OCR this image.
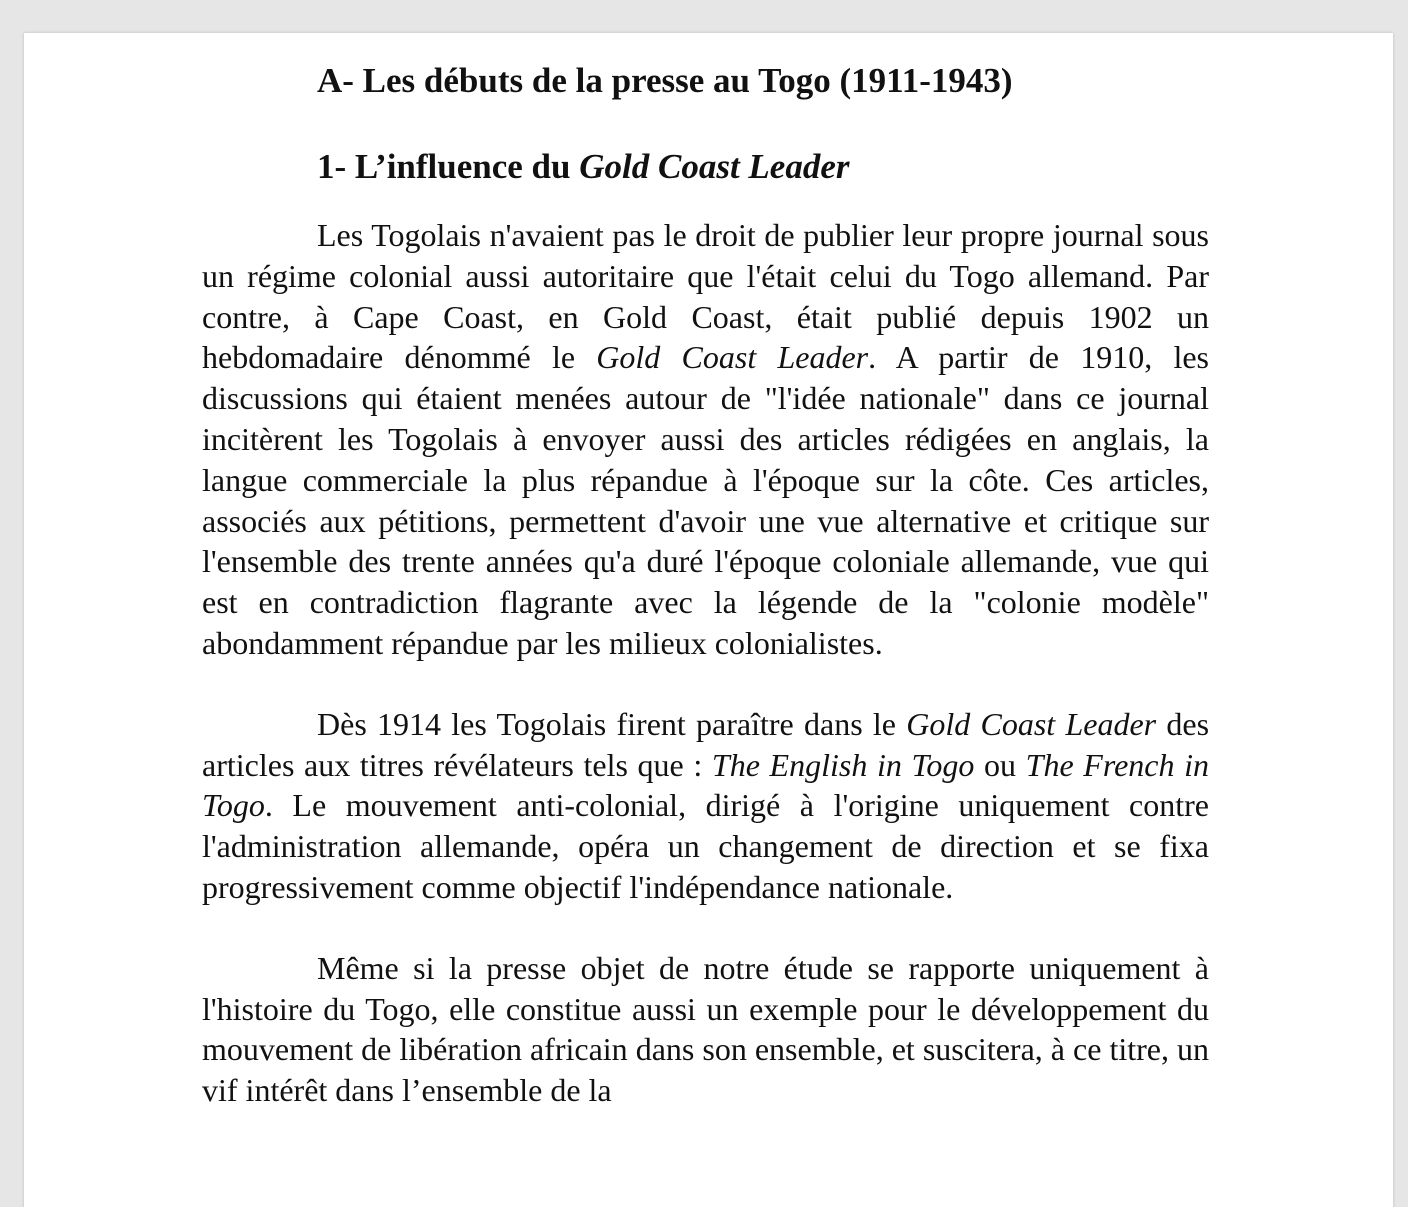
A- Les débuts de la presse au Togo (1911-1943)
1- L’influence du Gold Coast Leader

Les Togolais n'avaient pas le droit de publier leur propre journal sous un régime colonial aussi autoritaire que l'était celui du Togo allemand. Par contre, à Cape Coast, en Gold Coast, était publié depuis 1902 un hebdomadaire dénommé le Gold Coast Leader. A partir de 1910, les discussions qui étaient menées autour de "l'idée nationale" dans ce journal incitèrent les Togolais à envoyer aussi des articles rédigées en anglais, la langue commerciale la plus répandue à l'époque sur la côte. Ces articles, associés aux pétitions, permettent d'avoir une vue alternative et critique sur l'ensemble des trente années qu'a duré l'époque coloniale allemande, vue qui est en contradiction flagrante avec la légende de la "colonie modèle" abondamment répandue par les milieux colonialistes.

Dès 1914 les Togolais firent paraître dans le Gold Coast Leader des articles aux titres révélateurs tels que : The English in Togo ou The French in Togo. Le mouvement anti-colonial, dirigé à l'origine uniquement contre l'administration allemande, opéra un changement de direction et se fixa progressivement comme objectif l'indépendance nationale.

Même si la presse objet de notre étude se rapporte uniquement à l'histoire du Togo, elle constitue aussi un exemple pour le développement du mouvement de libération africain dans son ensemble, et suscitera, à ce titre, un vif intérêt dans l’ensemble de la
